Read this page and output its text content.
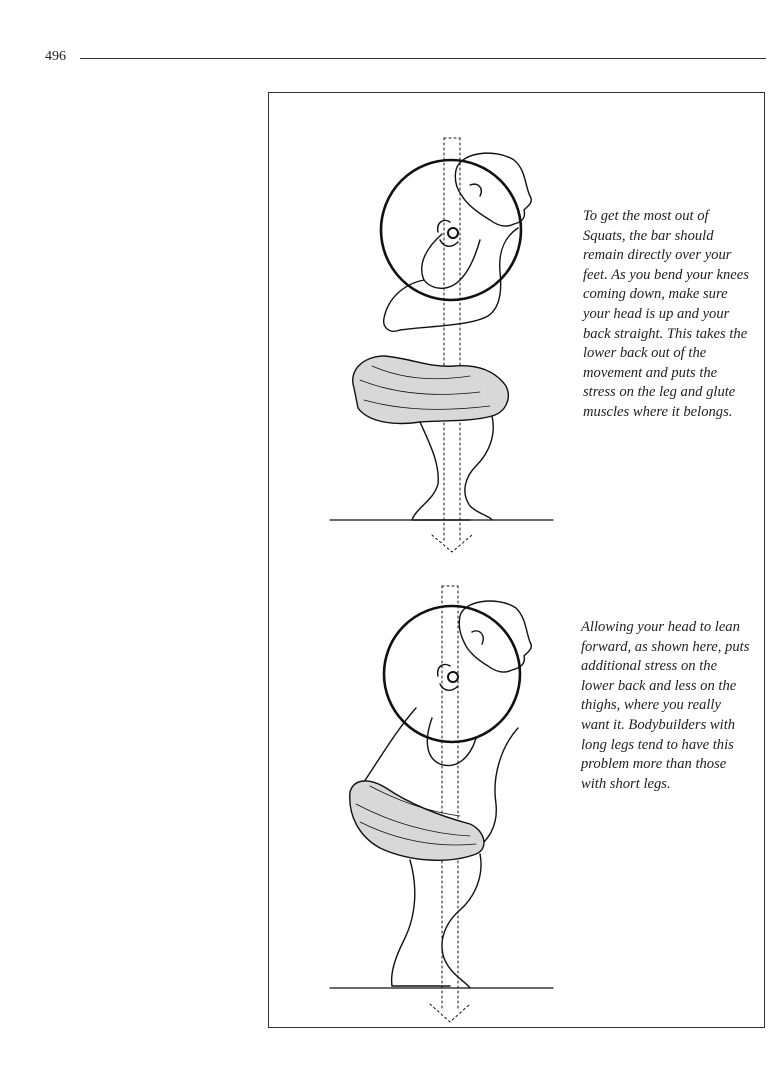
496

To get the most out of Squats, the bar should remain directly over your feet. As you bend your knees coming down, make sure your head is up and your back straight. This takes the lower back out of the movement and puts the stress on the leg and glute muscles where it belongs.

Allowing your head to lean forward, as shown here, puts additional stress on the lower back and less on the thighs, where you really want it. Bodybuilders with long legs tend to have this problem more than those with short legs.
